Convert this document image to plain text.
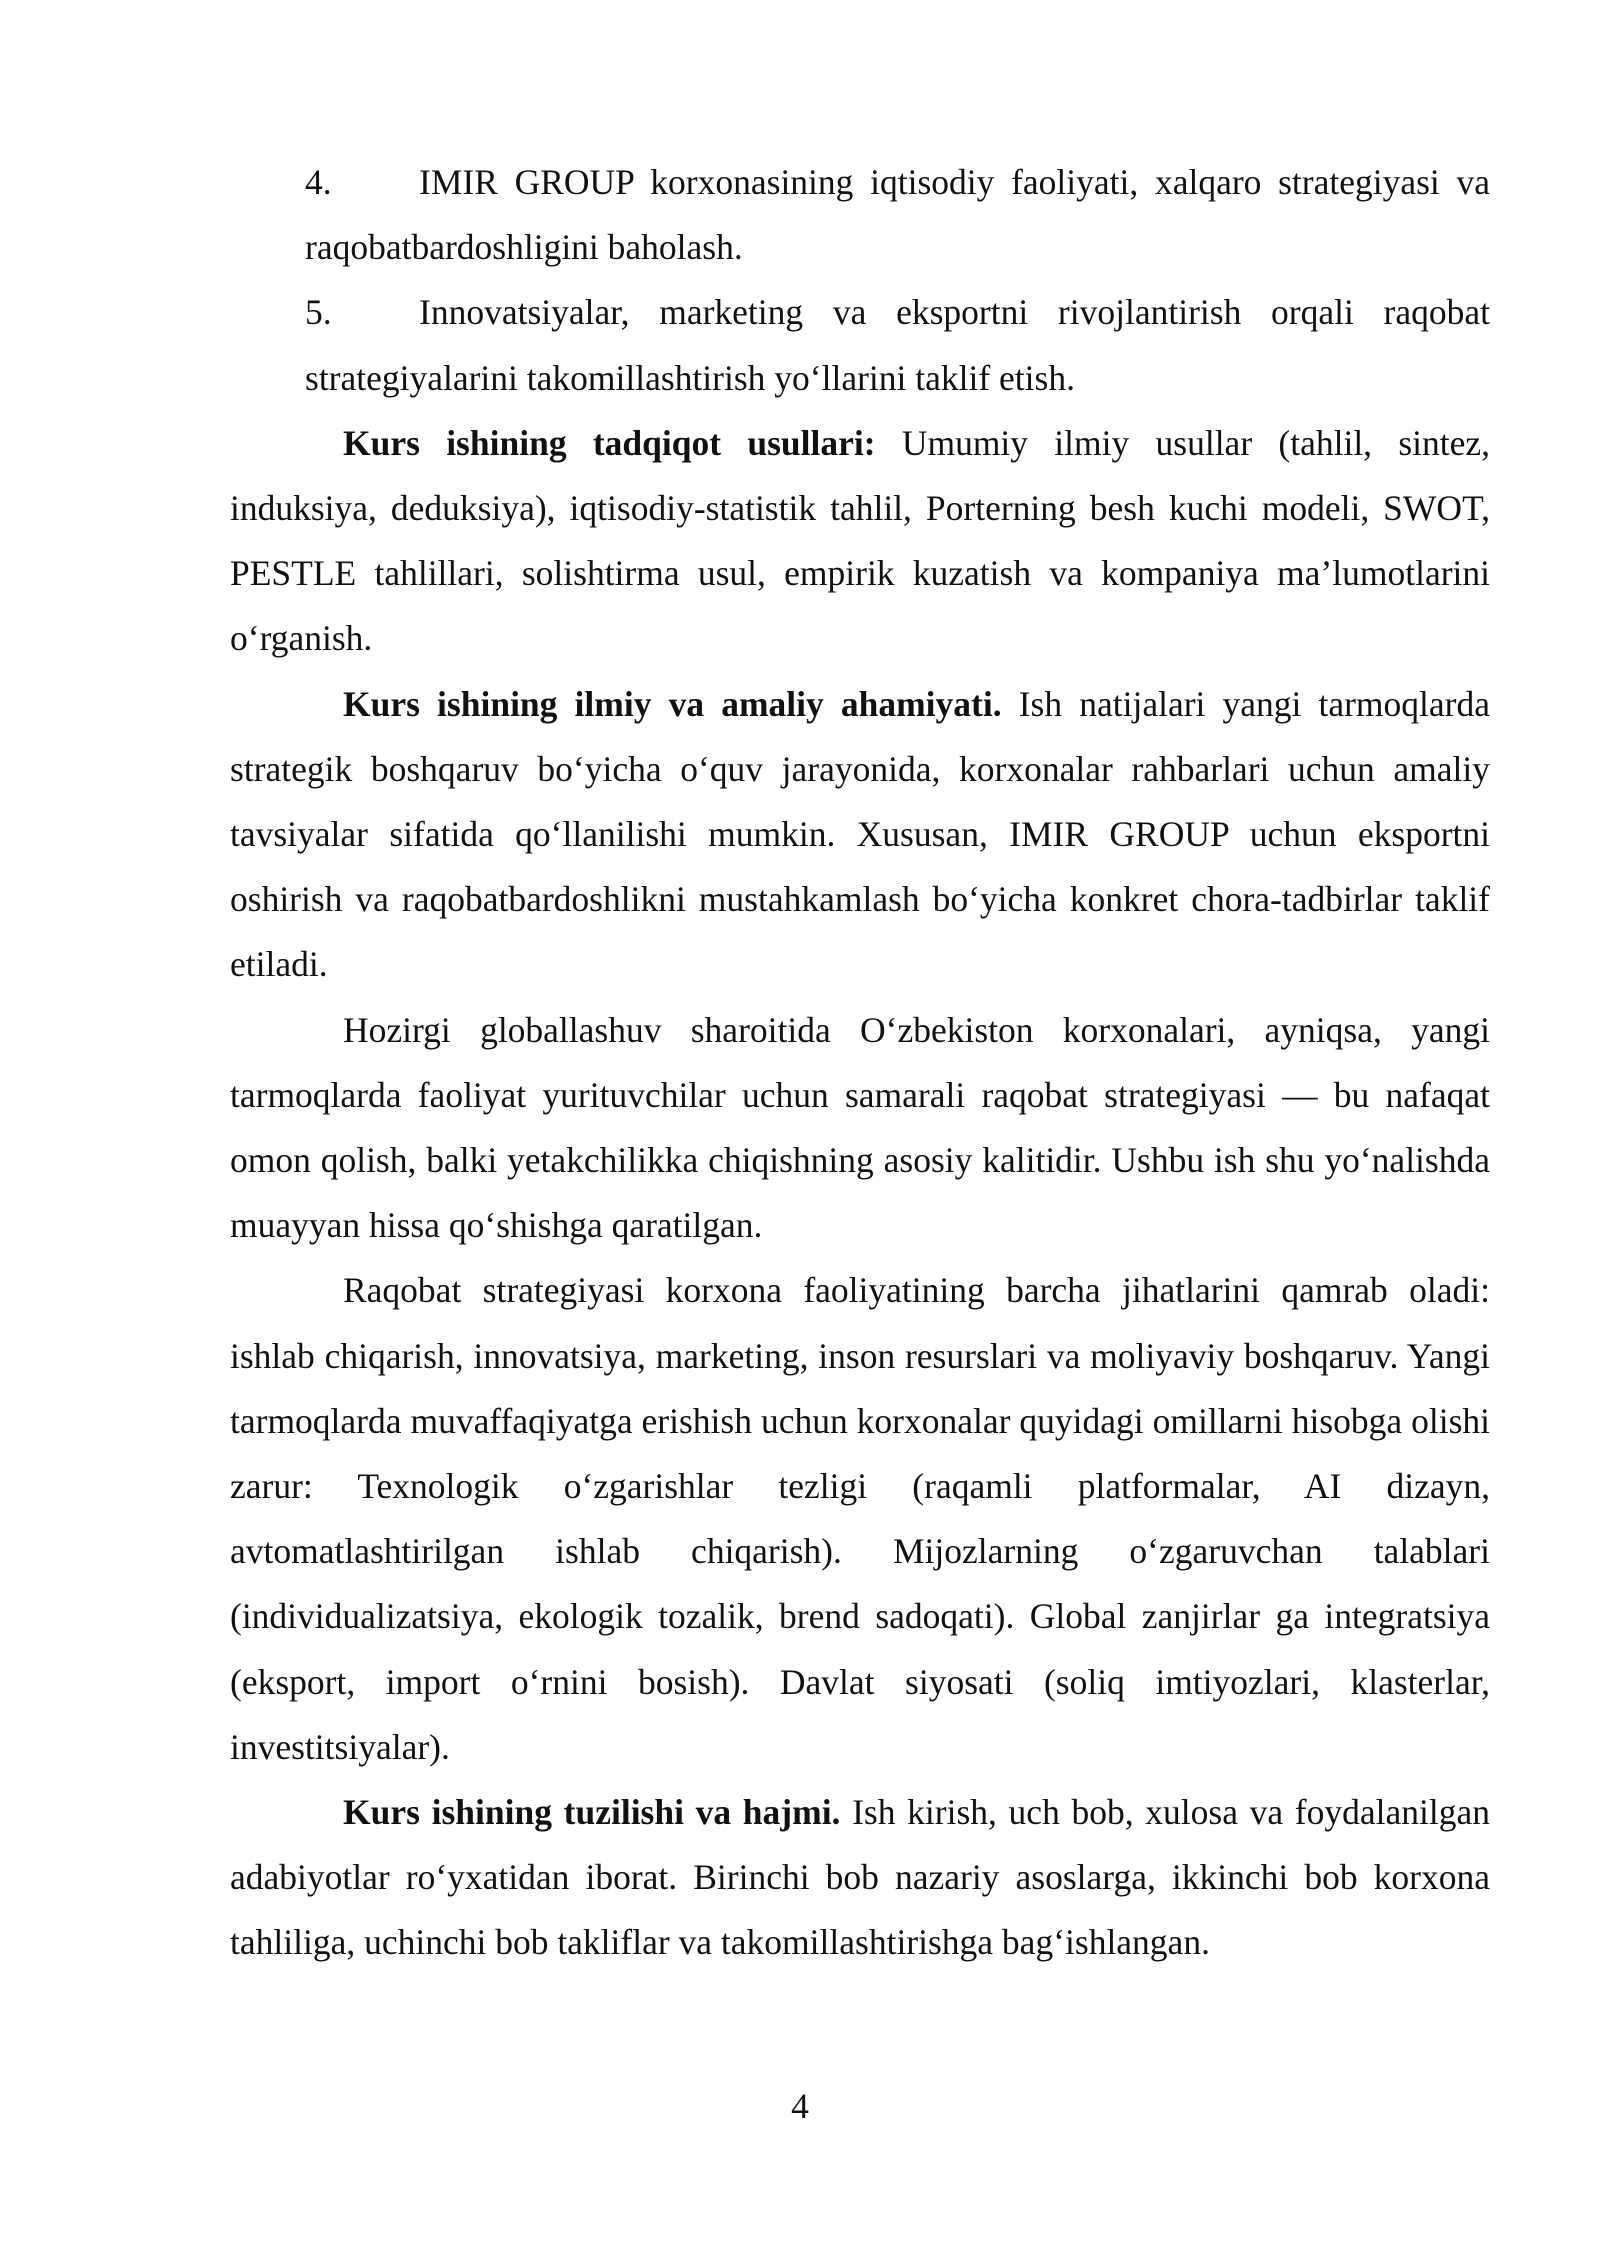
4.	IMIR GROUP korxonasining iqtisodiy faoliyati, xalqaro strategiyasi va
raqobatbardoshligini baholash.
5.	Innovatsiyalar, marketing va eksportni rivojlantirish orqali raqobat
strategiyalarini takomillashtirish yo‘llarini taklif etish.

Kurs ishining tadqiqot usullari: Umumiy ilmiy usullar (tahlil, sintez, induksiya, deduksiya), iqtisodiy-statistik tahlil, Porterning besh kuchi modeli, SWOT, PESTLE tahlillari, solishtirma usul, empirik kuzatish va kompaniya ma’lumotlarini o‘rganish.

Kurs ishining ilmiy va amaliy ahamiyati. Ish natijalari yangi tarmoqlarda strategik boshqaruv bo‘yicha o‘quv jarayonida, korxonalar rahbarlari uchun amaliy tavsiyalar sifatida qo‘llanilishi mumkin. Xususan, IMIR GROUP uchun eksportni oshirish va raqobatbardoshlikni mustahkamlash bo‘yicha konkret chora-tadbirlar taklif etiladi.

Hozirgi globallashuv sharoitida O‘zbekiston korxonalari, ayniqsa, yangi tarmoqlarda faoliyat yurituvchilar uchun samarali raqobat strategiyasi — bu nafaqat omon qolish, balki yetakchilikka chiqishning asosiy kalitidir. Ushbu ish shu yo‘nalishda muayyan hissa qo‘shishga qaratilgan.

Raqobat strategiyasi korxona faoliyatining barcha jihatlarini qamrab oladi: ishlab chiqarish, innovatsiya, marketing, inson resurslari va moliyaviy boshqaruv. Yangi tarmoqlarda muvaffaqiyatga erishish uchun korxonalar quyidagi omillarni hisobga olishi zarur: Texnologik o‘zgarishlar tezligi (raqamli platformalar, AI dizayn, avtomatlashtirilgan ishlab chiqarish). Mijozlarning o‘zgaruvchan talablari (individualizatsiya, ekologik tozalik, brend sadoqati). Global zanjirlar ga integratsiya (eksport, import o‘rnini bosish). Davlat siyosati (soliq imtiyozlari, klasterlar, investitsiyalar).

Kurs ishining tuzilishi va hajmi. Ish kirish, uch bob, xulosa va foydalanilgan adabiyotlar ro‘yxatidan iborat. Birinchi bob nazariy asoslarga, ikkinchi bob korxona tahliliga, uchinchi bob takliflar va takomillashtirishga bag‘ishlangan.

4
